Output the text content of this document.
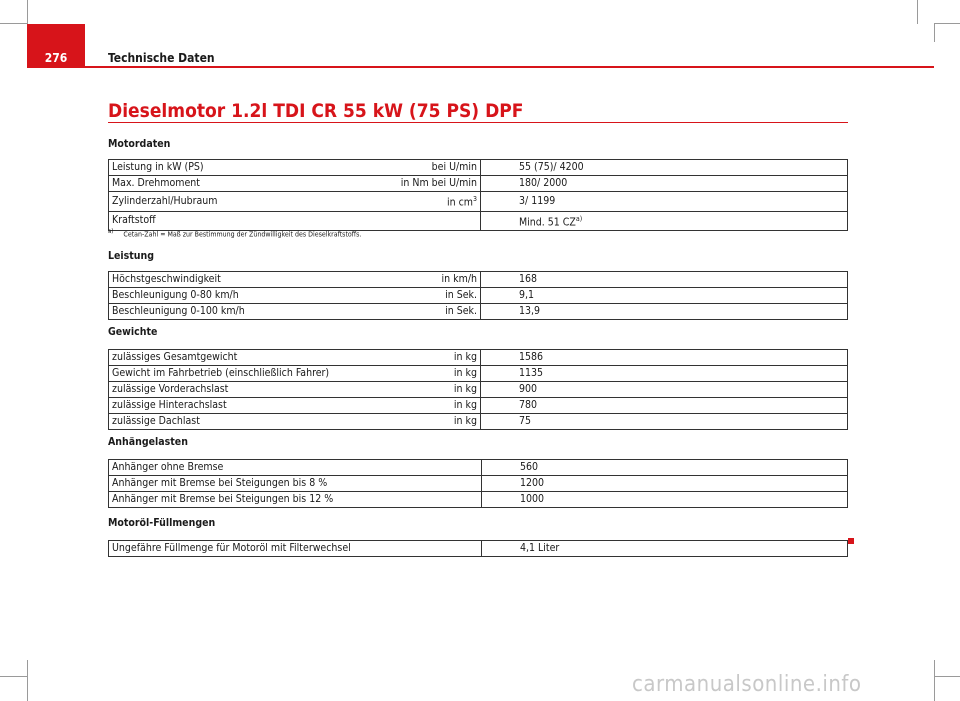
276	Technische Daten
Dieselmotor 1.2l TDI CR 55 kW (75 PS) DPF
Motordaten
Leistung in kW (PS)	bei U/min	55 (75)/ 4200
Max. Drehmoment	in Nm bei U/min	180/ 2000
Zylinderzahl/Hubraum	in $cm^3$	3/ 1199
Kraftstoff		Mind. 51 CZ$^{a)}$
$^{a)}$ Cetan-Zahl = Maß zur Bestimmung der Zündwilligkeit des Dieselkraftstoffs.
Leistung
Höchstgeschwindigkeit	in km/h	168
Beschleunigung 0-80 km/h	in Sek.	9,1
Beschleunigung 0-100 km/h	in Sek.	13,9
Gewichte
zulässiges Gesamtgewicht	in kg	1586
Gewicht im Fahrbetrieb (einschließlich Fahrer)	in kg	1135
zulässige Vorderachslast	in kg	900
zulässige Hinterachslast	in kg	780
zulässige Dachlast	in kg	75
Anhängelasten
Anhänger ohne Bremse	560
Anhänger mit Bremse bei Steigungen bis 8 %	1200
Anhänger mit Bremse bei Steigungen bis 12 %	1000
Motoröl-Füllmengen
Ungefähre Füllmenge für Motoröl mit Filterwechsel	4,1 Liter
carmanualsonline.info
